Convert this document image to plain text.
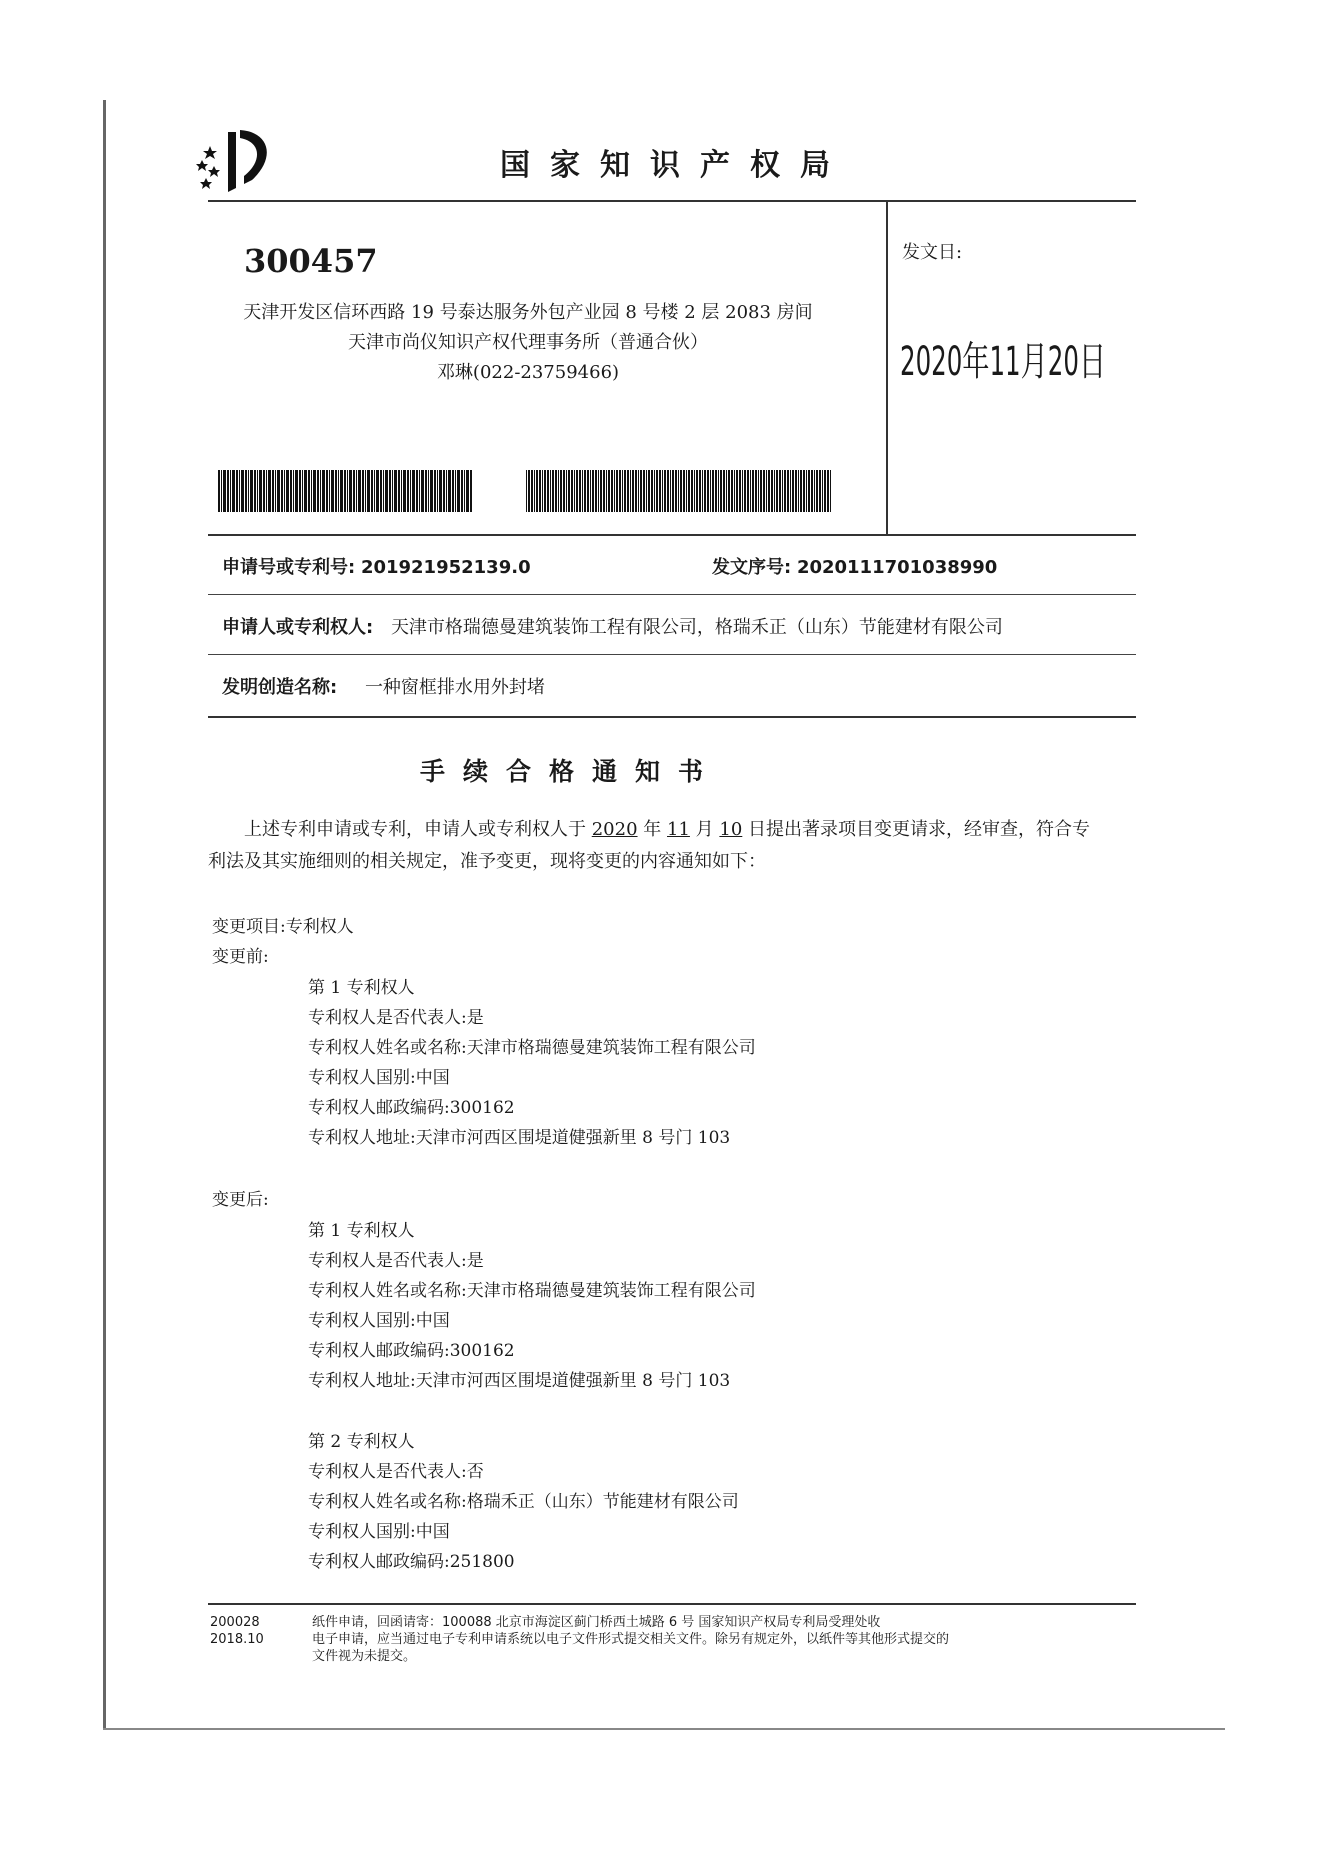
国家知识产权局
300457
天津开发区信环西路 19 号泰达服务外包产业园 8 号楼 2 层 2083 房间
天津市尚仪知识产权代理事务所（普通合伙）
邓琳(022-23759466)
发文日:
2020年11月20日
申请号或专利号: 201921952139.0	发文序号: 2020111701038990
申请人或专利权人: 天津市格瑞德曼建筑装饰工程有限公司，格瑞禾正（山东）节能建材有限公司
发明创造名称: 一种窗框排水用外封堵
手续合格通知书
上述专利申请或专利，申请人或专利权人于 2020 年 11 月 10 日提出著录项目变更请求，经审查，符合专
利法及其实施细则的相关规定，准予变更，现将变更的内容通知如下：
变更项目:专利权人
变更前:
第 1 专利权人
专利权人是否代表人:是
专利权人姓名或名称:天津市格瑞德曼建筑装饰工程有限公司
专利权人国别:中国
专利权人邮政编码:300162
专利权人地址:天津市河西区围堤道健强新里 8 号门 103
变更后:
第 1 专利权人
专利权人是否代表人:是
专利权人姓名或名称:天津市格瑞德曼建筑装饰工程有限公司
专利权人国别:中国
专利权人邮政编码:300162
专利权人地址:天津市河西区围堤道健强新里 8 号门 103
第 2 专利权人
专利权人是否代表人:否
专利权人姓名或名称:格瑞禾正（山东）节能建材有限公司
专利权人国别:中国
专利权人邮政编码:251800
200028
2018.10
纸件申请，回函请寄：100088 北京市海淀区蓟门桥西土城路 6 号 国家知识产权局专利局受理处收
电子申请，应当通过电子专利申请系统以电子文件形式提交相关文件。除另有规定外，以纸件等其他形式提交的
文件视为未提交。
